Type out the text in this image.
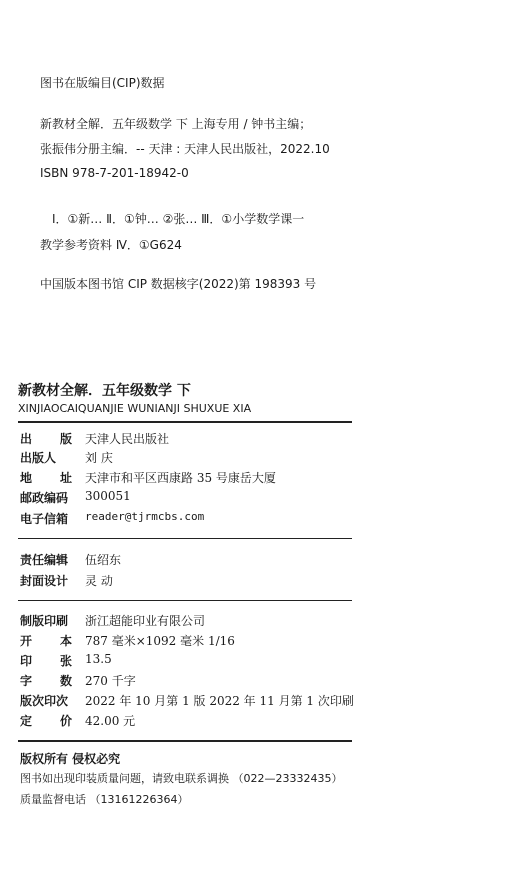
图书在版编目(CIP)数据
新教材全解．五年级数学 下 上海专用 / 钟书主编；
张振伟分册主编．-- 天津 : 天津人民出版社，2022.10
ISBN 978-7-201-18942-0
Ⅰ．①新… Ⅱ．①钟… ②张… Ⅲ．①小学数学课一
教学参考资料 Ⅳ．①G624
中国版本图书馆 CIP 数据核字(2022)第 198393 号
新教材全解．五年级数学 下
XINJIAOCAIQUANJIE WUNIANJI SHUXUE XIA
出 版 天津人民出版社
出版人 刘 庆
地 址 天津市和平区西康路 35 号康岳大厦
邮政编码 300051
电子信箱 reader@tjrmcbs.com
责任编辑 伍绍东
封面设计 灵 动
制版印刷 浙江超能印业有限公司
开 本 787 毫米×1092 毫米 1/16
印 张 13.5
字 数 270 千字
版次印次 2022 年 10 月第 1 版 2022 年 11 月第 1 次印刷
定 价 42.00 元
版权所有 侵权必究
图书如出现印装质量问题，请致电联系调换 （022—23332435）
质量监督电话 （13161226364）
